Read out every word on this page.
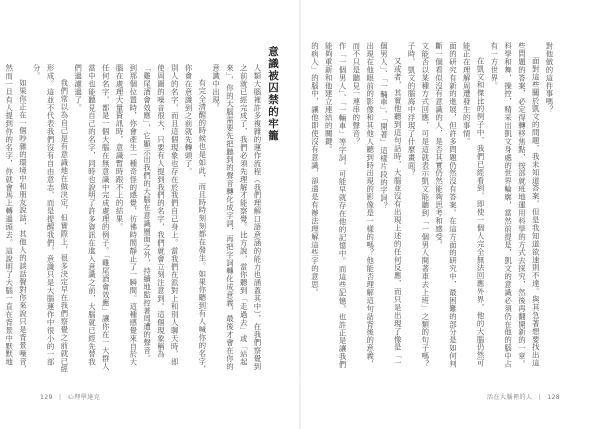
意識被囚禁的牢籠

人類大腦裡許多複雜的運作流程（我們理解口語意涵的能力也涵蓋其中），在我們察覺到之前就已經完成了，我們必須先理解才能察覺。比方說，當你聽到「走過去」或「站起來」，你的大腦需要先把聽到的聲音轉化成字詞，再把字詞轉化成意義，最後才會在你的意識中出現。

有完全清醒的時候也是如此，而且時時刻刻都在發生。如果你聽到有人喊你的名字，你會在意識到之前就先轉頭了。

別人的名字，而且這個現象也存在於我們自己身上。當我們在派對上和別人聊天時，即使周圍的噪音很大，只要有人提到我們的名字，我們就會立刻注意到。這個現象稱為「雞尾酒會效應」，它顯示出我們的大腦在意識層面之外，持續地監控著周遭的聲音。

到那個位置時，你會產生一種奇怪的感覺，彷彿時間靜止了一瞬間。這種感覺來自於大腦在處理大量資訊時，意識暫時跟不上的結果。

任何名字，都是一個大腦在無意識中完成處理的例子。「雞尾酒會效應」讓你在一大群人當中也能聽見自己的名字，同時也說明了許多資訊在進入意識之前，大腦就已經先替我們過濾過了。

我們常以為自己是有意識地在做決定，但實際上，很多決定早在我們察覺之前就已經形成。這並不代表我們沒有自由意志，而是提醒我們，意識只是大腦運作中很小的一部分。

如果你正在一個吵雜的環境中和朋友說話，其他人的談話聲對你來說只是背景噪音，然而一旦有人提到你的名字，你就會馬上轉過頭去。這說明了大腦一直在背景中默默地

129 | 心理學達克

對他做的這件事嗎？

面對這些關於凱文的問題，我未知道答案，但是我知道欲速則不達。與其急著想要找出這些問題的答案，必定得轉移焦點，按部就班地運用科學的方式去探究，然後再翻開新的一章。

科學和舞，操控，精采出凱文身處的世界輪廓，當然前提是，凱文的意識必須仍在他的腦中占有一方世界。

在凱文和傑比的例子中，我們已經看到，即使一個人完全無法回應外界，他的大腦仍然可能正在理解周遭發生的事情。

面的研究有新的進展，但許多問題仍然沒有答案。在這方面的研究中，最困難的部分是如何判斷一個看似沒有意識的人，是否其實仍然能夠思考和感受。

文能否以某種方式回應，可是這就表示凱文能聽到「一個男人開著車去上班」之類的句子嗎？

子時，凱文的腦海中浮現了什麼畫面？

又或者，其實他聽到這句話時，大腦並沒有出現上述的任何反應，而只是出現了像是「一個男人」、「一輛車」、「開著」這樣片段的字詞？

出現在他眼前的影像和其他人聽到時出現的影像是一樣的嗎？他能否理解這句話背後的意義，而不只是聽見一連串的聲音？

作「一個男人」、「一輛車」等字詞，可能早就存在他的記憶中。而這些記憶，也許正是讓我們能夠重新和他建立連結的關鍵。

的病人」的腦中，讓他即使沒有意識，卻還是有辦法理解這些字的意思。

活在大腦裡的人 | 128
